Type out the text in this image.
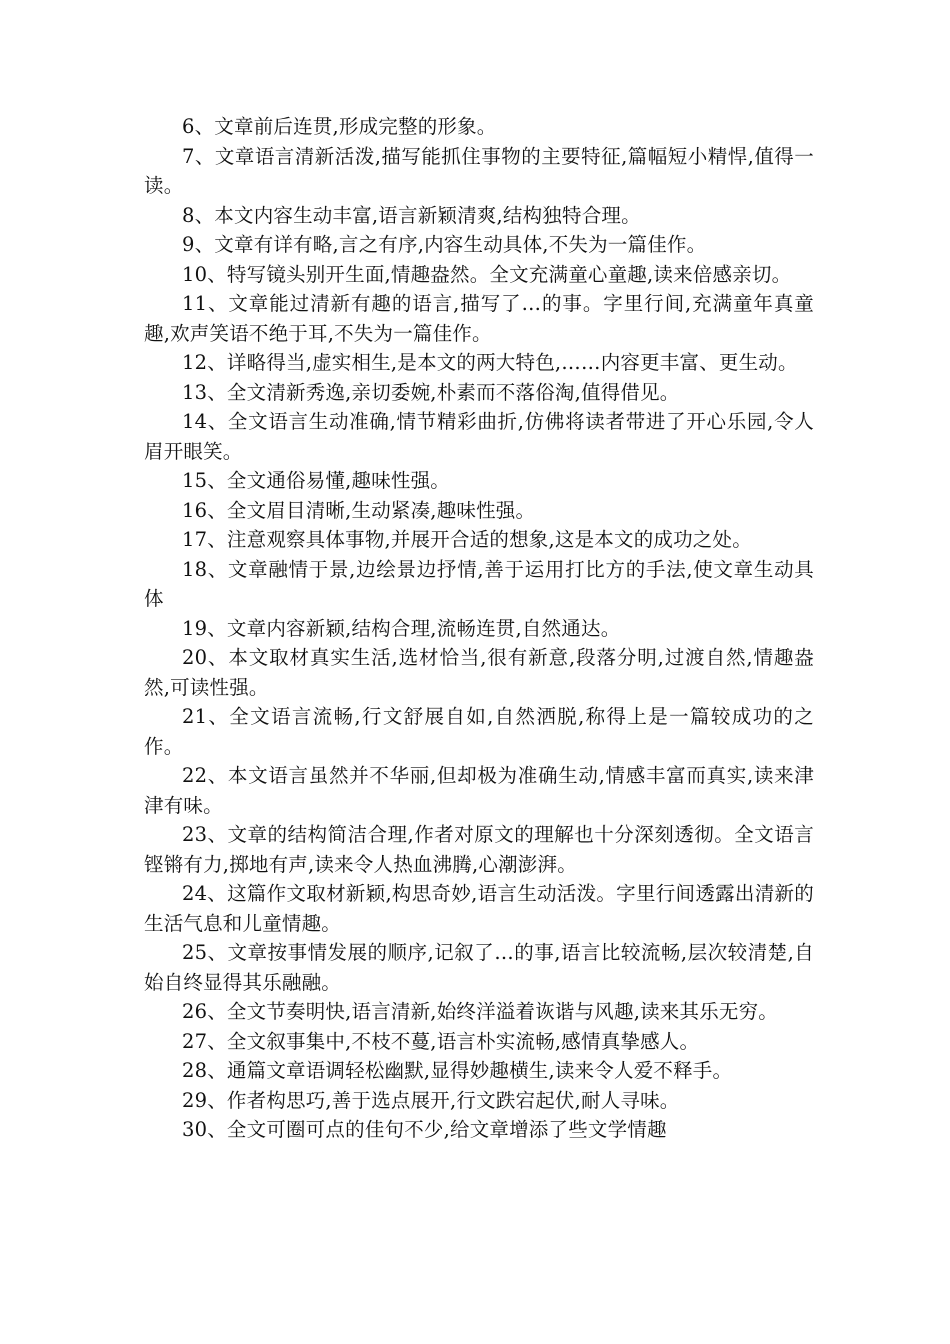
6、文章前后连贯,形成完整的形象。

7、文章语言清新活泼,描写能抓住事物的主要特征,篇幅短小精悍,值得一读。

8、本文内容生动丰富,语言新颖清爽,结构独特合理。

9、文章有详有略,言之有序,内容生动具体,不失为一篇佳作。

10、特写镜头别开生面,情趣盎然。全文充满童心童趣,读来倍感亲切。

11、文章能过清新有趣的语言,描写了…的事。字里行间,充满童年真童趣,欢声笑语不绝于耳,不失为一篇佳作。

12、详略得当,虚实相生,是本文的两大特色,……内容更丰富、更生动。

13、全文清新秀逸,亲切委婉,朴素而不落俗淘,值得借见。

14、全文语言生动准确,情节精彩曲折,仿佛将读者带进了开心乐园,令人眉开眼笑。

15、全文通俗易懂,趣味性强。

16、全文眉目清晰,生动紧凑,趣味性强。

17、注意观察具体事物,并展开合适的想象,这是本文的成功之处。

18、文章融情于景,边绘景边抒情,善于运用打比方的手法,使文章生动具体

19、文章内容新颖,结构合理,流畅连贯,自然通达。

20、本文取材真实生活,选材恰当,很有新意,段落分明,过渡自然,情趣盎然,可读性强。

21、全文语言流畅,行文舒展自如,自然洒脱,称得上是一篇较成功的之作。

22、本文语言虽然并不华丽,但却极为准确生动,情感丰富而真实,读来津津有味。

23、文章的结构简洁合理,作者对原文的理解也十分深刻透彻。全文语言铿锵有力,掷地有声,读来令人热血沸腾,心潮澎湃。

24、这篇作文取材新颖,构思奇妙,语言生动活泼。字里行间透露出清新的生活气息和儿童情趣。

25、文章按事情发展的顺序,记叙了…的事,语言比较流畅,层次较清楚,自始自终显得其乐融融。

26、全文节奏明快,语言清新,始终洋溢着诙谐与风趣,读来其乐无穷。

27、全文叙事集中,不枝不蔓,语言朴实流畅,感情真挚感人。

28、通篇文章语调轻松幽默,显得妙趣横生,读来令人爱不释手。

29、作者构思巧,善于选点展开,行文跌宕起伏,耐人寻味。

30、全文可圈可点的佳句不少,给文章增添了些文学情趣
